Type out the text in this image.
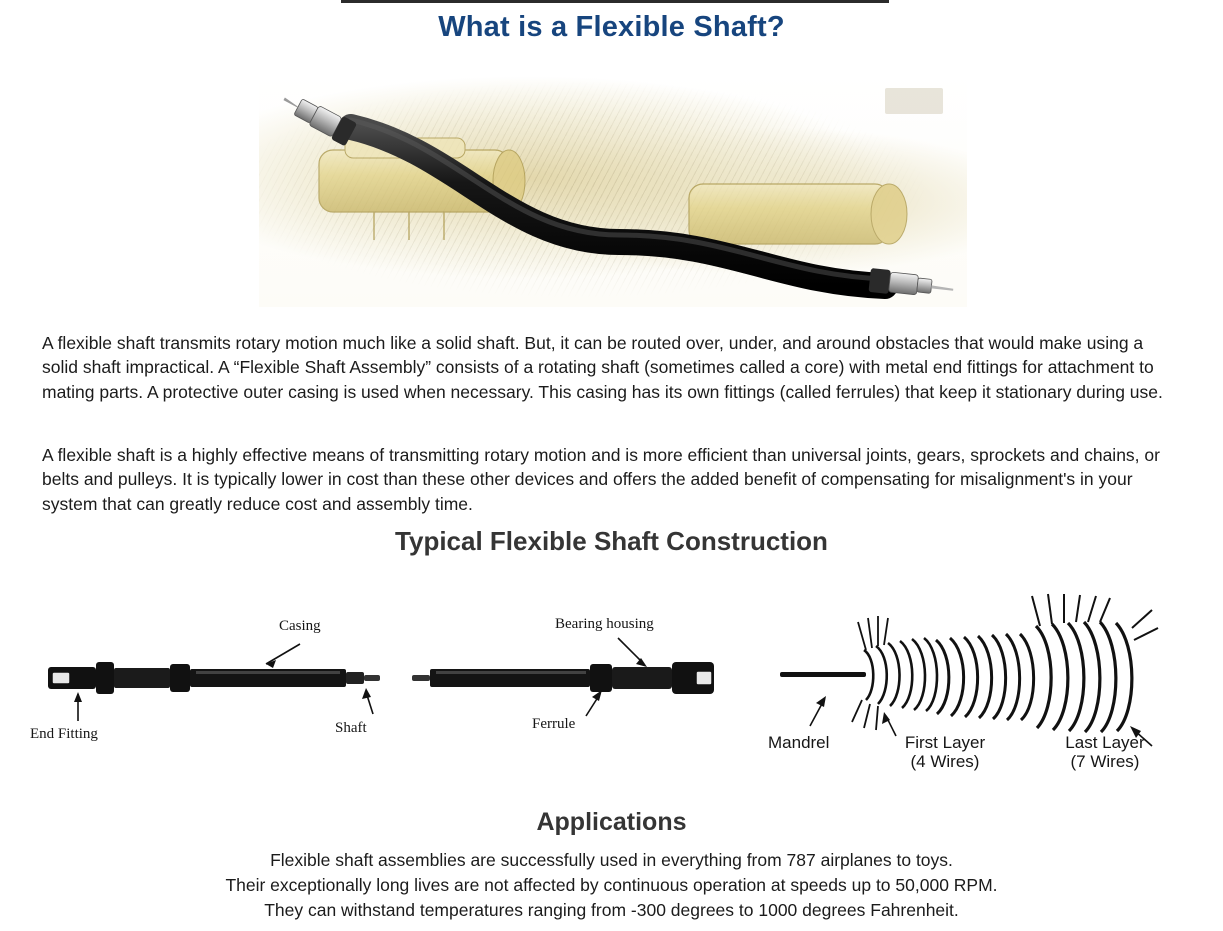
What is a Flexible Shaft?

A flexible shaft transmits rotary motion much like a solid shaft. But, it can be routed over, under, and around obstacles that would make using a solid shaft impractical. A “Flexible Shaft Assembly” consists of a rotating shaft (sometimes called a core) with metal end fittings for attachment to mating parts. A protective outer casing is used when necessary. This casing has its own fittings (called ferrules) that keep it stationary during use.

A flexible shaft is a highly effective means of transmitting rotary motion and is more efficient than universal joints, gears, sprockets and chains, or belts and pulleys. It is typically lower in cost than these other devices and offers the added benefit of compensating for misalignment's in your system that can greatly reduce cost and assembly time.

Typical Flexible Shaft Construction
Casing
End Fitting	Shaft
Bearing housing
Ferrule
Mandrel	First Layer
(4 Wires)
Last Layer
(7 Wires)
Applications
Flexible shaft assemblies are successfully used in everything from 787 airplanes to toys.
Their exceptionally long lives are not affected by continuous operation at speeds up to 50,000 RPM.
They can withstand temperatures ranging from -300 degrees to 1000 degrees Fahrenheit.
